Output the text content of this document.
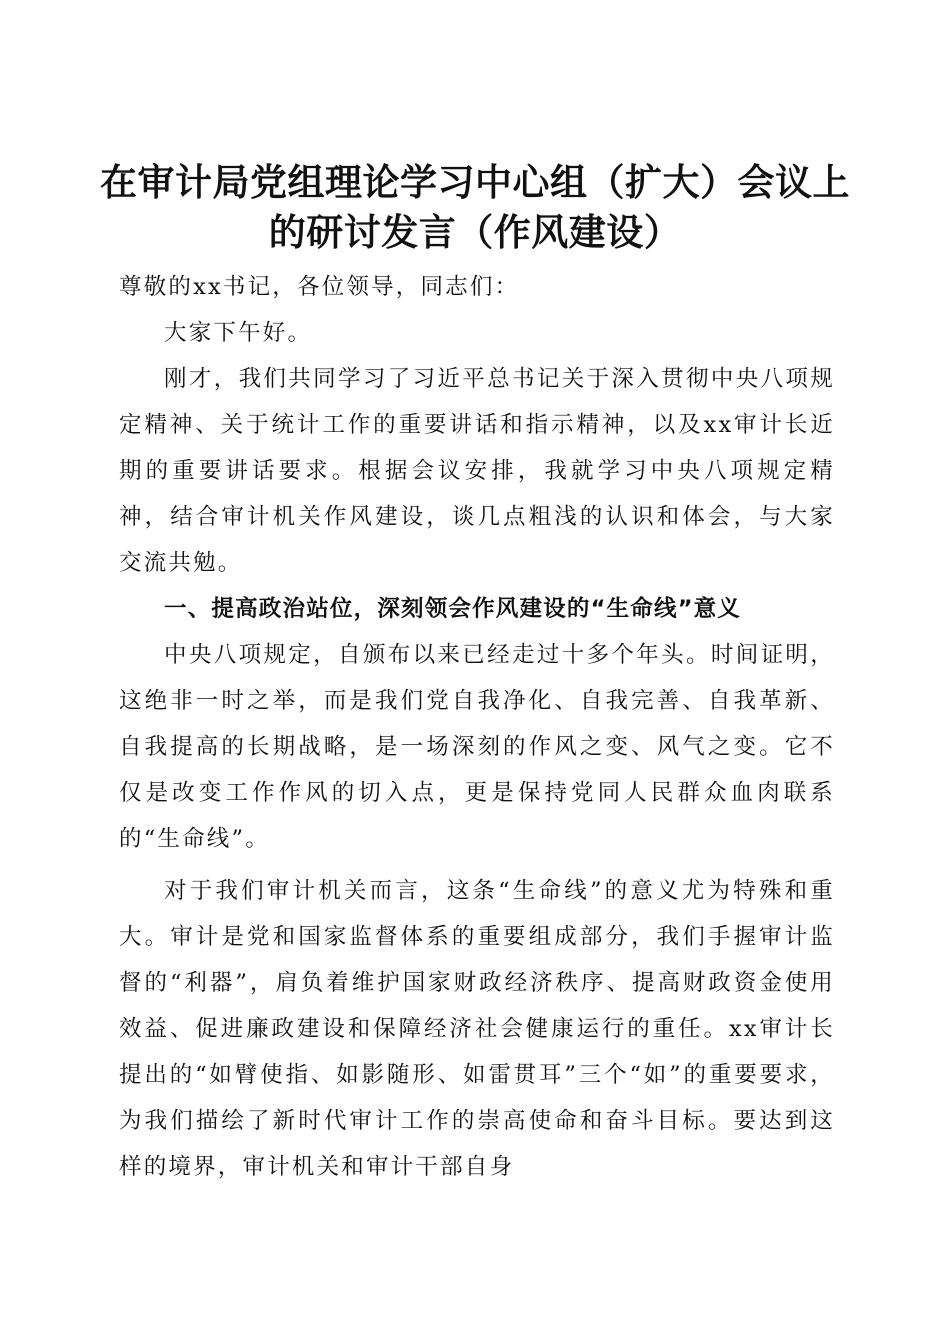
在审计局党组理论学习中心组（扩大）会议上
的研讨发言（作风建设）

尊敬的xx书记，各位领导，同志们：

大家下午好。

刚才，我们共同学习了习近平总书记关于深入贯彻中央八项规定精神、关于统计工作的重要讲话和指示精神，以及xx审计长近期的重要讲话要求。根据会议安排，我就学习中央八项规定精神，结合审计机关作风建设，谈几点粗浅的认识和体会，与大家交流共勉。

一、提高政治站位，深刻领会作风建设的“生命线”意义

中央八项规定，自颁布以来已经走过十多个年头。时间证明，这绝非一时之举，而是我们党自我净化、自我完善、自我革新、自我提高的长期战略，是一场深刻的作风之变、风气之变。它不仅是改变工作作风的切入点，更是保持党同人民群众血肉联系的“生命线”。

对于我们审计机关而言，这条“生命线”的意义尤为特殊和重大。审计是党和国家监督体系的重要组成部分，我们手握审计监督的“利器”，肩负着维护国家财政经济秩序、提高财政资金使用效益、促进廉政建设和保障经济社会健康运行的重任。xx审计长提出的“如臂使指、如影随形、如雷贯耳”三个“如”的重要要求，为我们描绘了新时代审计工作的崇高使命和奋斗目标。要达到这样的境界，审计机关和审计干部自身
